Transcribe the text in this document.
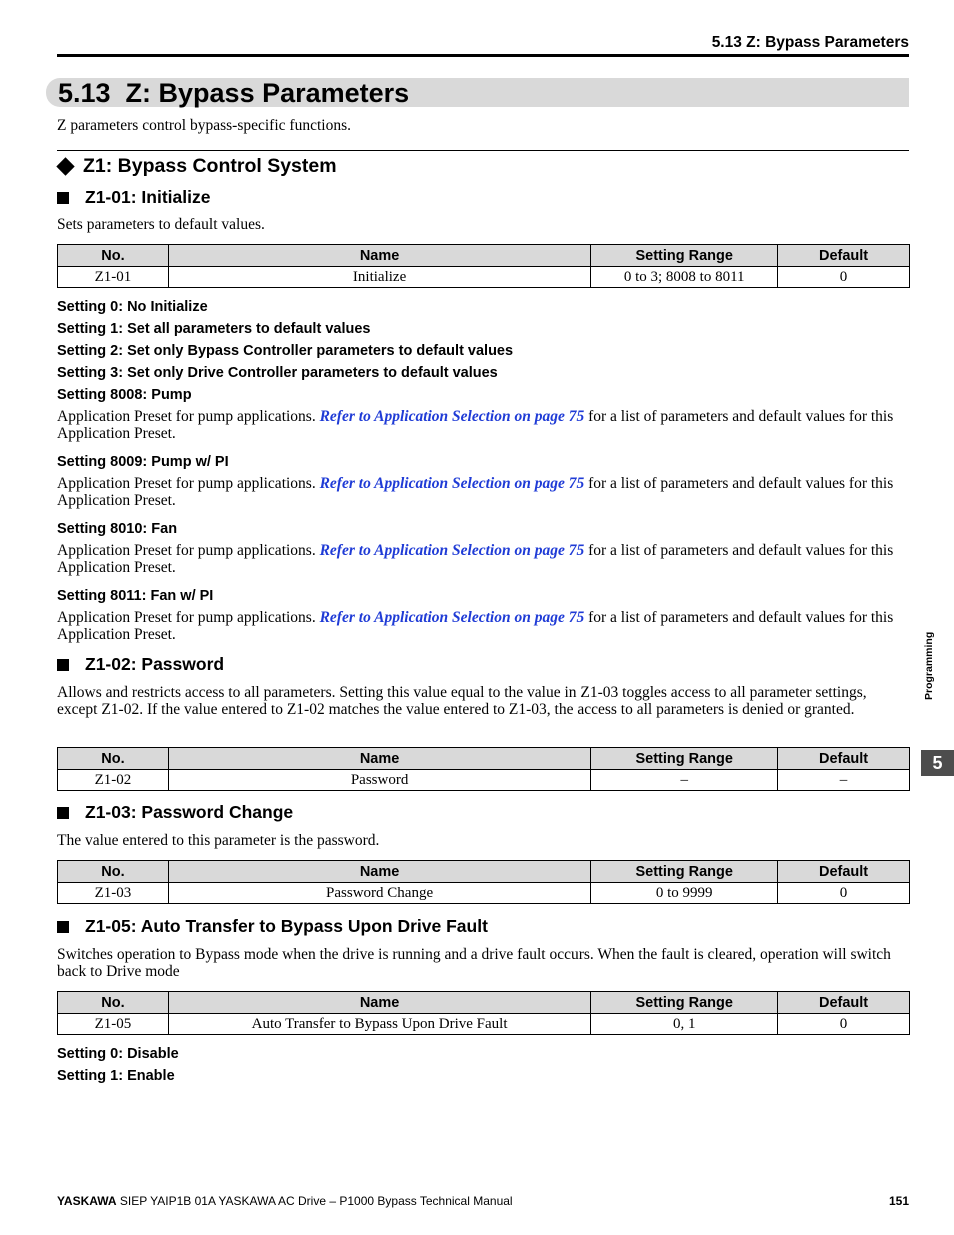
5.13 Z: Bypass Parameters
5.13  Z: Bypass Parameters
Z parameters control bypass-specific functions.
Z1: Bypass Control System
Z1-01: Initialize
Sets parameters to default values.
No.	Name	Setting Range	Default
Z1-01	Initialize	0 to 3; 8008 to 8011	0
Setting 0: No Initialize
Setting 1: Set all parameters to default values
Setting 2: Set only Bypass Controller parameters to default values
Setting 3: Set only Drive Controller parameters to default values
Setting 8008: Pump
Application Preset for pump applications. Refer to Application Selection on page 75 for a list of parameters and default values for this Application Preset.
Setting 8009: Pump w/ PI
Application Preset for pump applications. Refer to Application Selection on page 75 for a list of parameters and default values for this Application Preset.
Setting 8010: Fan
Application Preset for pump applications. Refer to Application Selection on page 75 for a list of parameters and default values for this Application Preset.
Setting 8011: Fan w/ PI
Application Preset for pump applications. Refer to Application Selection on page 75 for a list of parameters and default values for this Application Preset.
Z1-02: Password
Allows and restricts access to all parameters. Setting this value equal to the value in Z1-03 toggles access to all parameter settings, except Z1-02. If the value entered to Z1-02 matches the value entered to Z1-03, the access to all parameters is denied or granted.
No.	Name	Setting Range	Default
Z1-02	Password	–	–
Z1-03: Password Change
The value entered to this parameter is the password.
No.	Name	Setting Range	Default
Z1-03	Password Change	0 to 9999	0
Z1-05: Auto Transfer to Bypass Upon Drive Fault
Switches operation to Bypass mode when the drive is running and a drive fault occurs. When the fault is cleared, operation will switch back to Drive mode
No.	Name	Setting Range	Default
Z1-05	Auto Transfer to Bypass Upon Drive Fault	0, 1	0
Setting 0: Disable
Setting 1: Enable
Programming
5
YASKAWA SIEP YAIP1B 01A YASKAWA AC Drive – P1000 Bypass Technical Manual	151
